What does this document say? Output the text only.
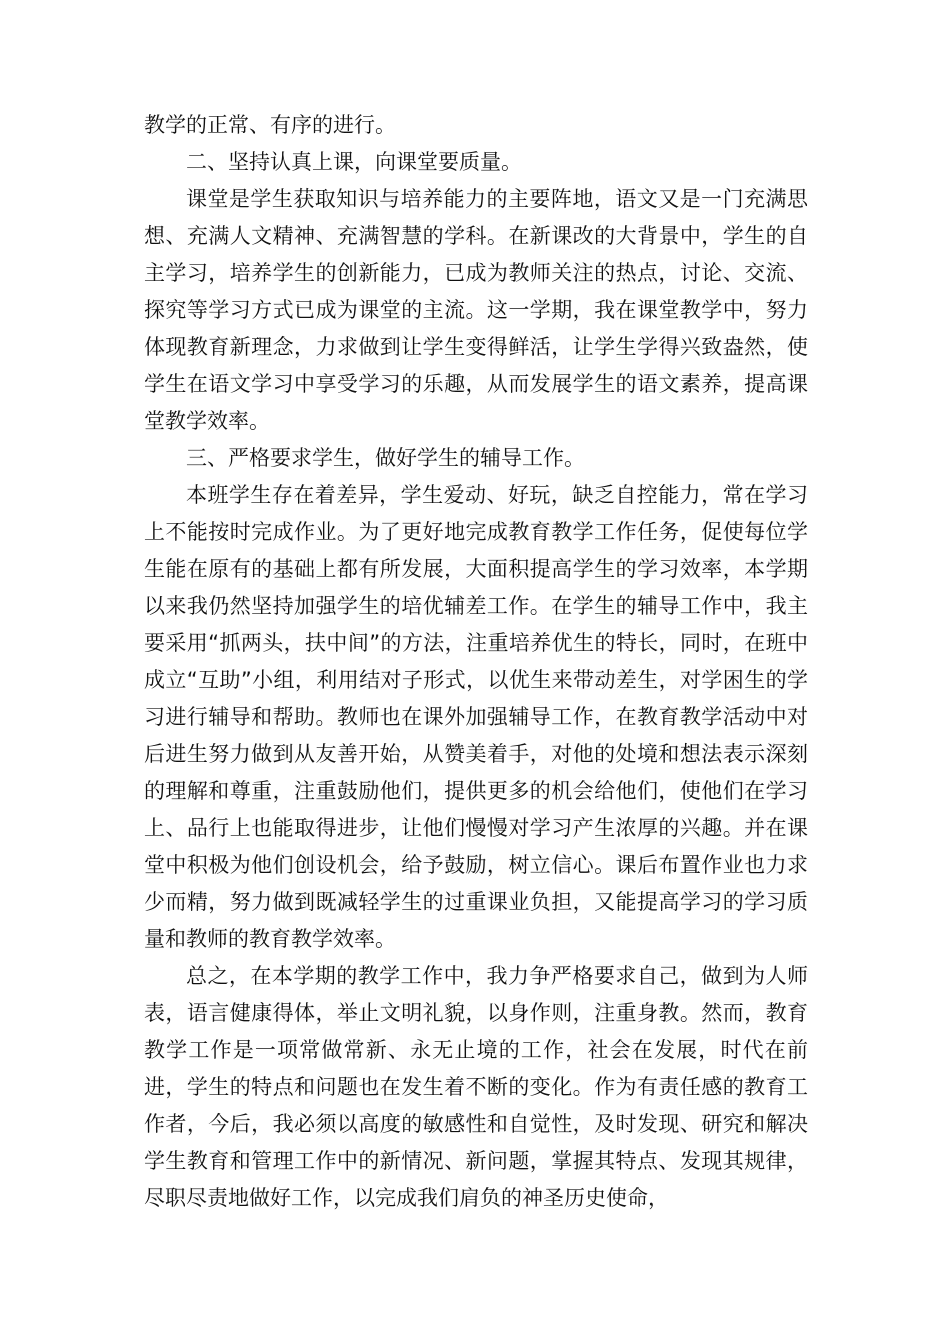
教学的正常、有序的进行。

二、坚持认真上课，向课堂要质量。

课堂是学生获取知识与培养能力的主要阵地，语文又是一门充满思想、充满人文精神、充满智慧的学科。在新课改的大背景中，学生的自主学习，培养学生的创新能力，已成为教师关注的热点，讨论、交流、探究等学习方式已成为课堂的主流。这一学期，我在课堂教学中，努力体现教育新理念，力求做到让学生变得鲜活，让学生学得兴致盎然，使学生在语文学习中享受学习的乐趣，从而发展学生的语文素养，提高课堂教学效率。

三、严格要求学生，做好学生的辅导工作。

本班学生存在着差异，学生爱动、好玩，缺乏自控能力，常在学习上不能按时完成作业。为了更好地完成教育教学工作任务，促使每位学生能在原有的基础上都有所发展，大面积提高学生的学习效率，本学期以来我仍然坚持加强学生的培优辅差工作。在学生的辅导工作中，我主要采用“抓两头，扶中间”的方法，注重培养优生的特长，同时，在班中成立“互助”小组，利用结对子形式，以优生来带动差生，对学困生的学习进行辅导和帮助。教师也在课外加强辅导工作，在教育教学活动中对后进生努力做到从友善开始，从赞美着手，对他的处境和想法表示深刻的理解和尊重，注重鼓励他们，提供更多的机会给他们，使他们在学习上、品行上也能取得进步，让他们慢慢对学习产生浓厚的兴趣。并在课堂中积极为他们创设机会，给予鼓励，树立信心。课后布置作业也力求少而精，努力做到既减轻学生的过重课业负担，又能提高学习的学习质量和教师的教育教学效率。

总之，在本学期的教学工作中，我力争严格要求自己，做到为人师表，语言健康得体，举止文明礼貌，以身作则，注重身教。然而，教育教学工作是一项常做常新、永无止境的工作，社会在发展，时代在前进，学生的特点和问题也在发生着不断的变化。作为有责任感的教育工作者，今后，我必须以高度的敏感性和自觉性，及时发现、研究和解决学生教育和管理工作中的新情况、新问题，掌握其特点、发现其规律，尽职尽责地做好工作，以完成我们肩负的神圣历史使命，
